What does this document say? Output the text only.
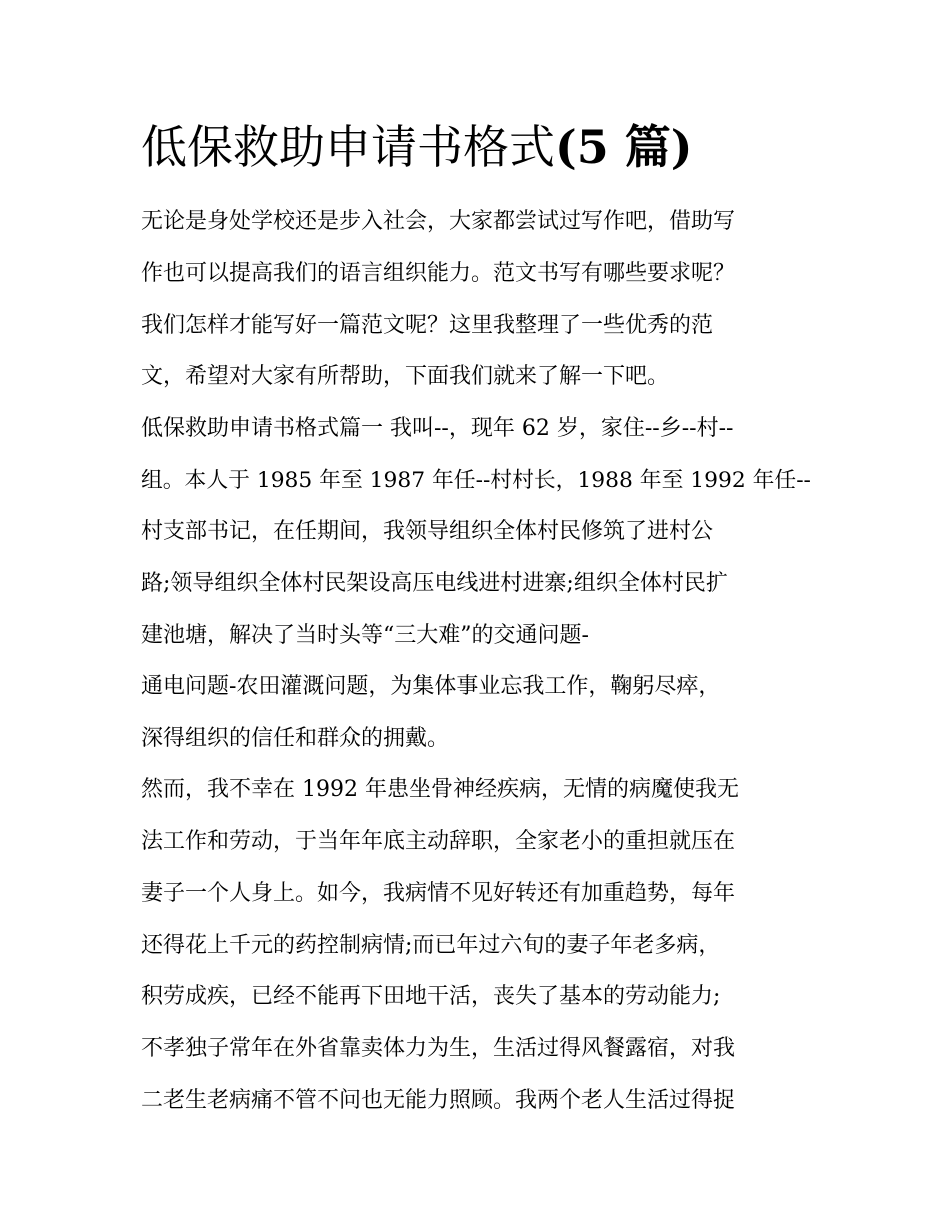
低保救助申请书格式(5 篇)
无论是身处学校还是步入社会，大家都尝试过写作吧，借助写
作也可以提高我们的语言组织能力。范文书写有哪些要求呢？
我们怎样才能写好一篇范文呢？这里我整理了一些优秀的范
文，希望对大家有所帮助，下面我们就来了解一下吧。
低保救助申请书格式篇一 我叫--，现年 62 岁，家住--乡--村--
组。本人于 1985 年至 1987 年任--村村长，1988 年至 1992 年任--
村支部书记，在任期间，我领导组织全体村民修筑了进村公
路;领导组织全体村民架设高压电线进村进寨;组织全体村民扩
建池塘，解决了当时头等“三大难”的交通问题-
通电问题-农田灌溉问题，为集体事业忘我工作，鞠躬尽瘁，
深得组织的信任和群众的拥戴。
然而，我不幸在 1992 年患坐骨神经疾病，无情的病魔使我无
法工作和劳动，于当年年底主动辞职，全家老小的重担就压在
妻子一个人身上。如今，我病情不见好转还有加重趋势，每年
还得花上千元的药控制病情;而已年过六旬的妻子年老多病，
积劳成疾，已经不能再下田地干活，丧失了基本的劳动能力;
不孝独子常年在外省靠卖体力为生，生活过得风餐露宿，对我
二老生老病痛不管不问也无能力照顾。我两个老人生活过得捉
